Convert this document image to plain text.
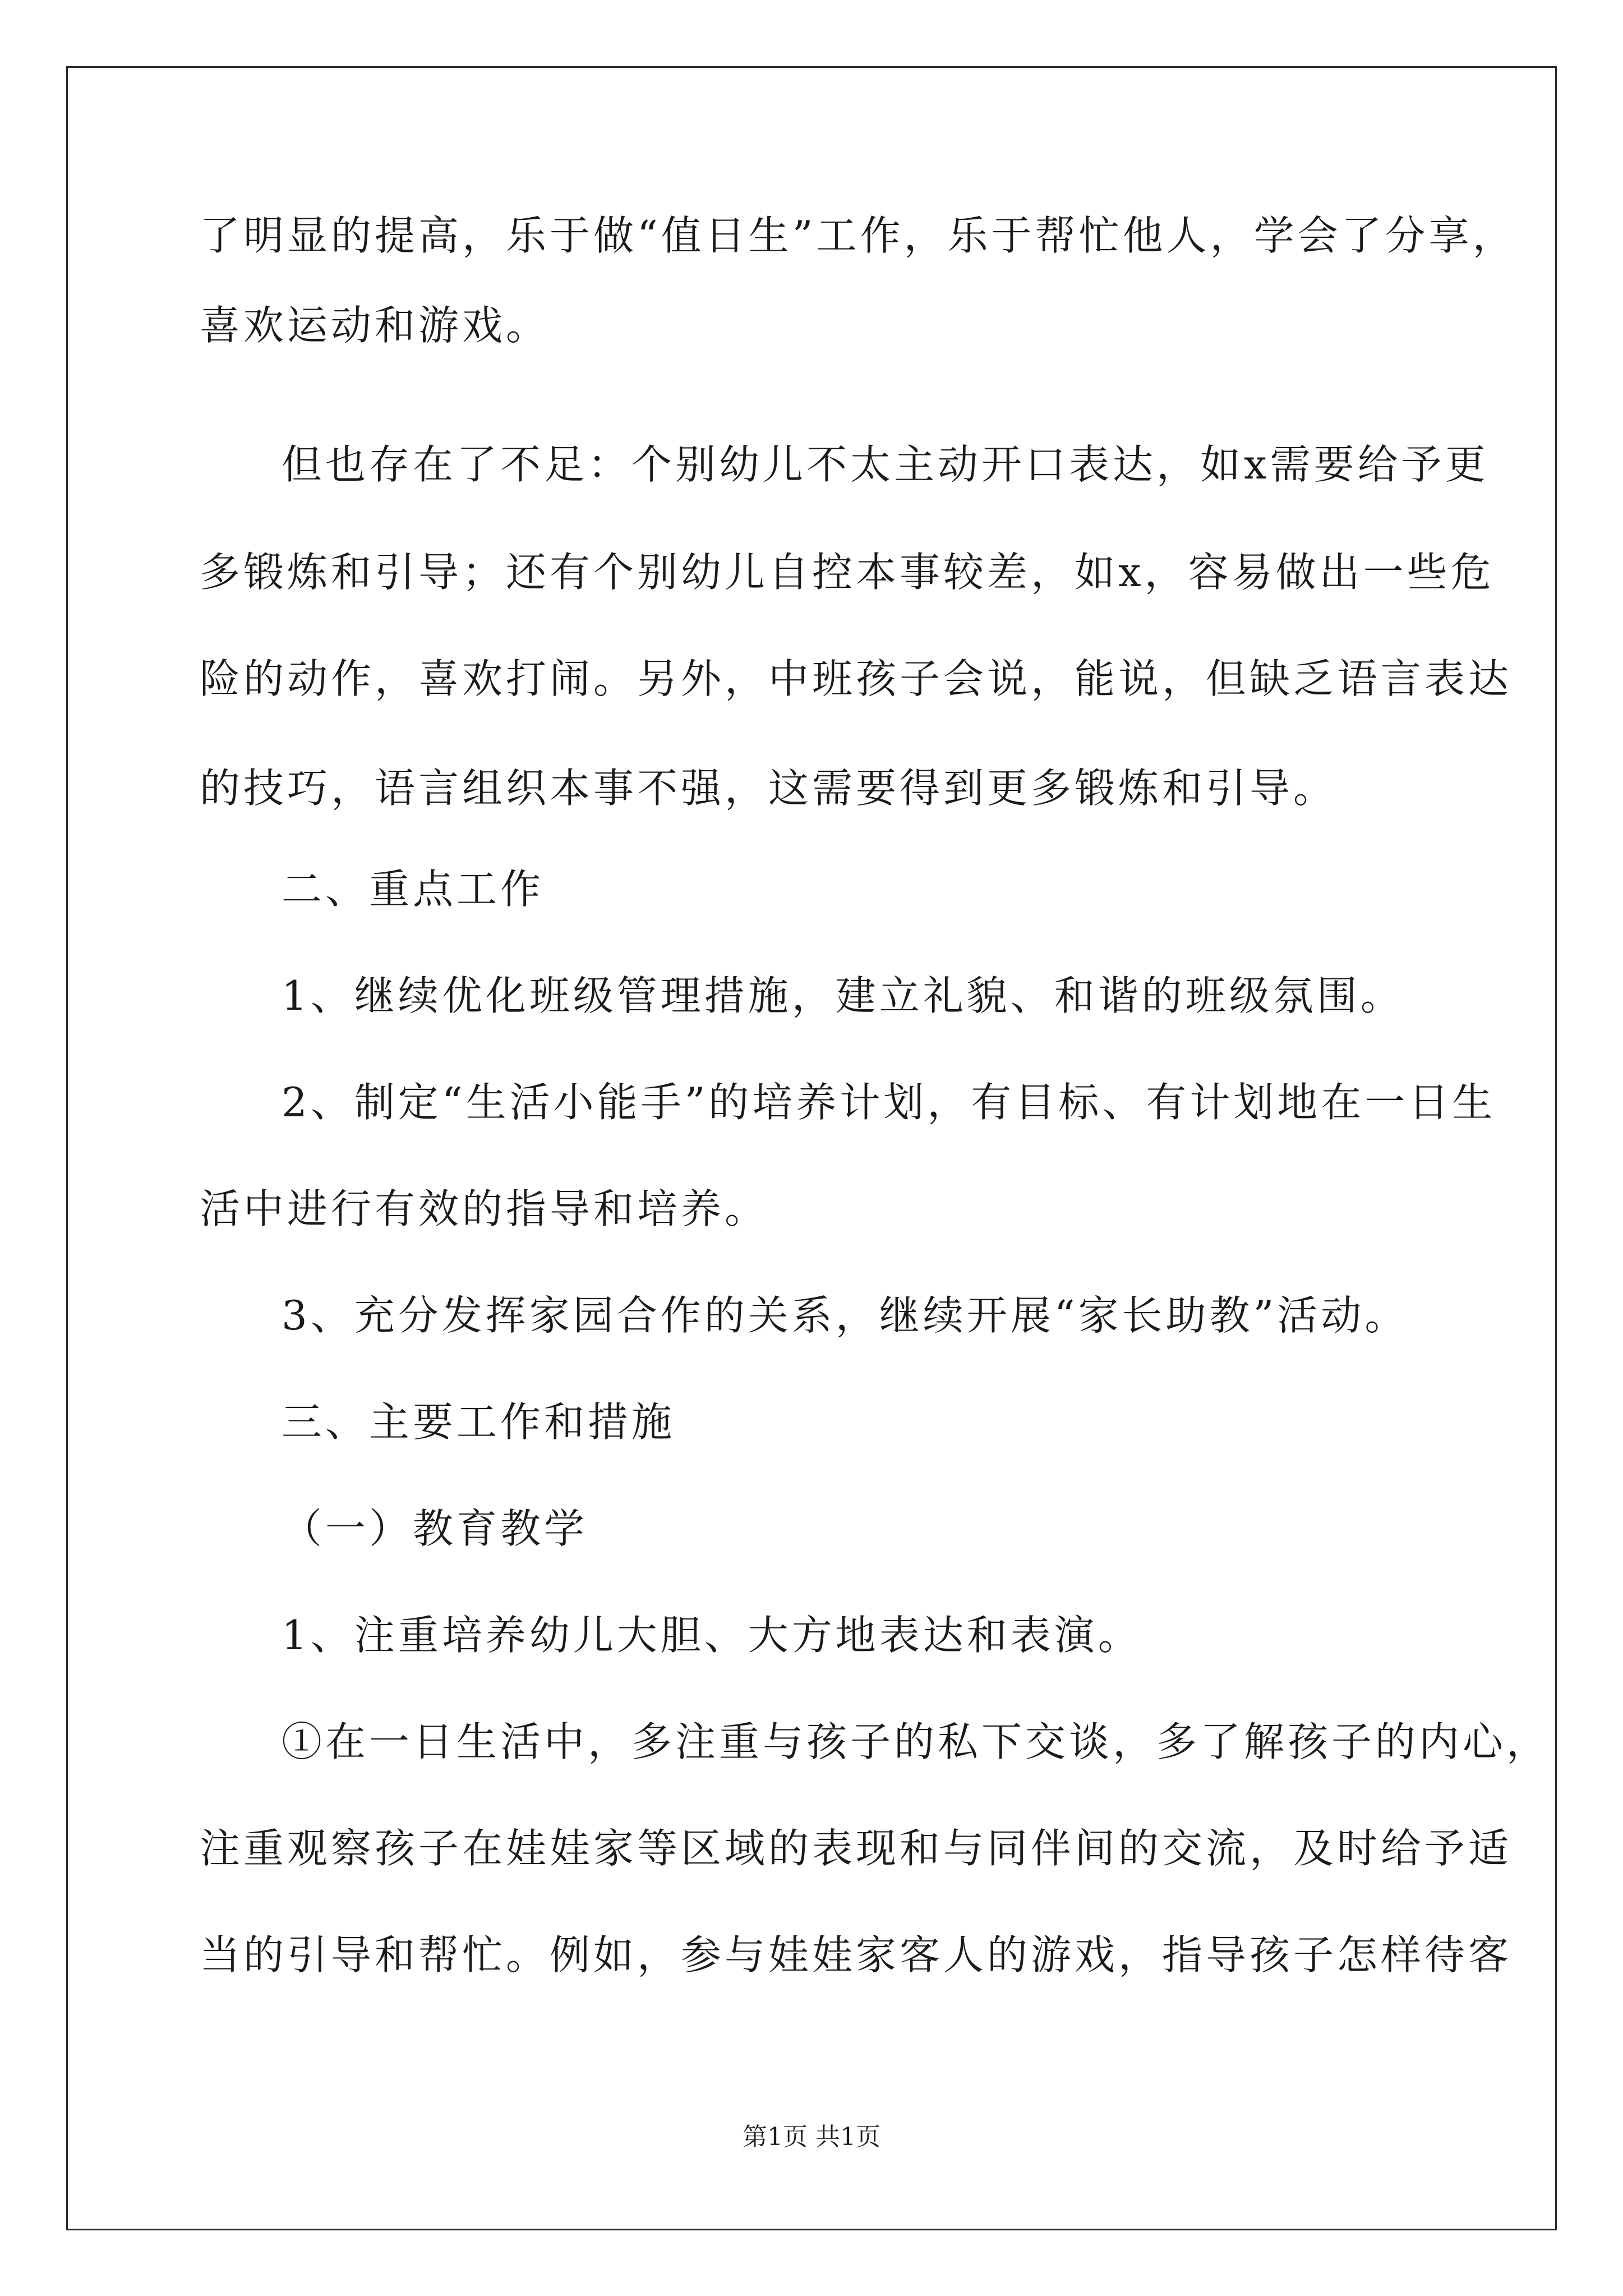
了明显的提高，乐于做“值日生”工作，乐于帮忙他人，学会了分享，
喜欢运动和游戏。
但也存在了不足：个别幼儿不太主动开口表达，如x需要给予更
多锻炼和引导；还有个别幼儿自控本事较差，如x，容易做出一些危
险的动作，喜欢打闹。另外，中班孩子会说，能说，但缺乏语言表达
的技巧，语言组织本事不强，这需要得到更多锻炼和引导。
二、重点工作
1、继续优化班级管理措施，建立礼貌、和谐的班级氛围。
2、制定“生活小能手”的培养计划，有目标、有计划地在一日生
活中进行有效的指导和培养。
3、充分发挥家园合作的关系，继续开展“家长助教”活动。
三、主要工作和措施
（一）教育教学
1、注重培养幼儿大胆、大方地表达和表演。
①在一日生活中，多注重与孩子的私下交谈，多了解孩子的内心，
注重观察孩子在娃娃家等区域的表现和与同伴间的交流，及时给予适
当的引导和帮忙。例如，参与娃娃家客人的游戏，指导孩子怎样待客
第1页 共1页
